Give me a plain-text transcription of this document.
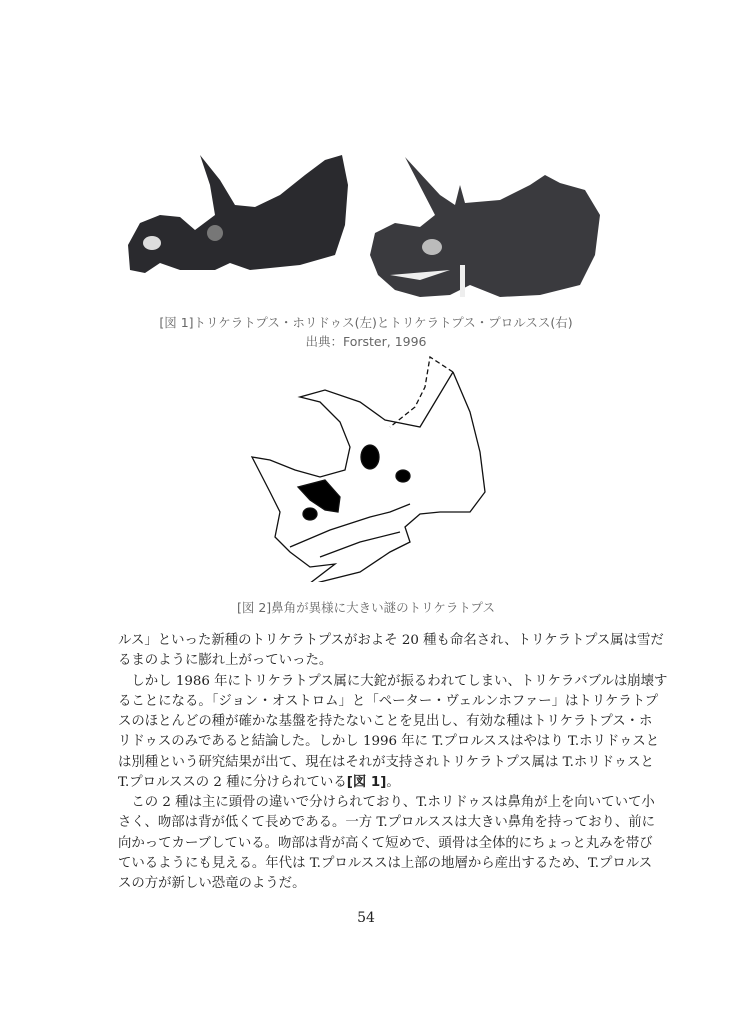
[図 1]トリケラトプス・ホリドゥス(左)とトリケラトプス・プロルスス(右)
出典：Forster, 1996
[図 2]鼻角が異様に大きい謎のトリケラトプス
ルス」といった新種のトリケラトプスがおよそ 20 種も命名され、トリケラトプス属は雪だ
るまのように膨れ上がっていった。
しかし 1986 年にトリケラトプス属に大鉈が振るわれてしまい、トリケラバブルは崩壊す
ることになる。「ジョン・オストロム」と「ペーター・ヴェルンホファー」はトリケラトプ
スのほとんどの種が確かな基盤を持たないことを見出し、有効な種はトリケラトプス・ホ
リドゥスのみであると結論した。しかし 1996 年に T.プロルススはやはり T.ホリドゥスと
は別種という研究結果が出て、現在はそれが支持されトリケラトプス属は T.ホリドゥスと
T.プロルススの 2 種に分けられている[図 1]。
この 2 種は主に頭骨の違いで分けられており、T.ホリドゥスは鼻角が上を向いていて小
さく、吻部は背が低くて長めである。一方 T.プロルススは大きい鼻角を持っており、前に
向かってカーブしている。吻部は背が高くて短めで、頭骨は全体的にちょっと丸みを帯び
ているようにも見える。年代は T.プロルススは上部の地層から産出するため、T.プロルス
スの方が新しい恐竜のようだ。
54
